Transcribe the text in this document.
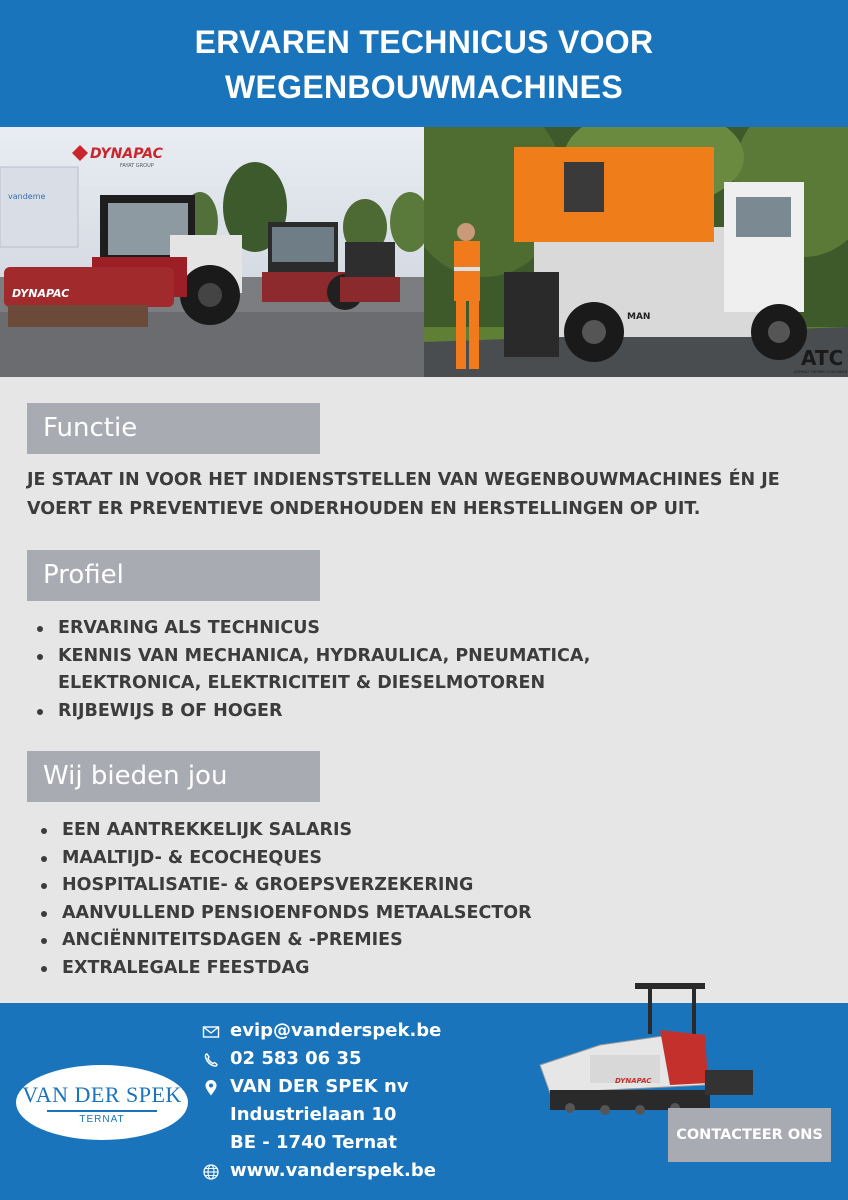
ERVAREN TECHNICUS VOOR
WEGENBOUWMACHINES
vandeme
DYNAPAC
FAYAT GROUP
DYNAPAC
MAN
ATC
ASPHALT THERMO CONTAINER
Functie
JE STAAT IN VOOR HET INDIENSTSTELLEN VAN WEGENBOUWMACHINES ÉN JE VOERT ER PREVENTIEVE ONDERHOUDEN EN HERSTELLINGEN OP UIT.
Profiel
ERVARING ALS TECHNICUS
KENNIS VAN MECHANICA, HYDRAULICA, PNEUMATICA, ELEKTRONICA, ELEKTRICITEIT & DIESELMOTOREN
RIJBEWIJS B OF HOGER
Wij bieden jou
EEN AANTREKKELIJK SALARIS
MAALTIJD- & ECOCHEQUES
HOSPITALISATIE- & GROEPSVERZEKERING
AANVULLEND PENSIOENFONDS METAALSECTOR
ANCIËNNITEITSDAGEN & -PREMIES
EXTRALEGALE FEESTDAG
VAN DER SPEK
TERNAT
evip@vanderspek.be
02 583 06 35
VAN DER SPEK nv
Industrielaan 10
BE - 1740 Ternat
www.vanderspek.be
DYNAPAC
CONTACTEER ONS
